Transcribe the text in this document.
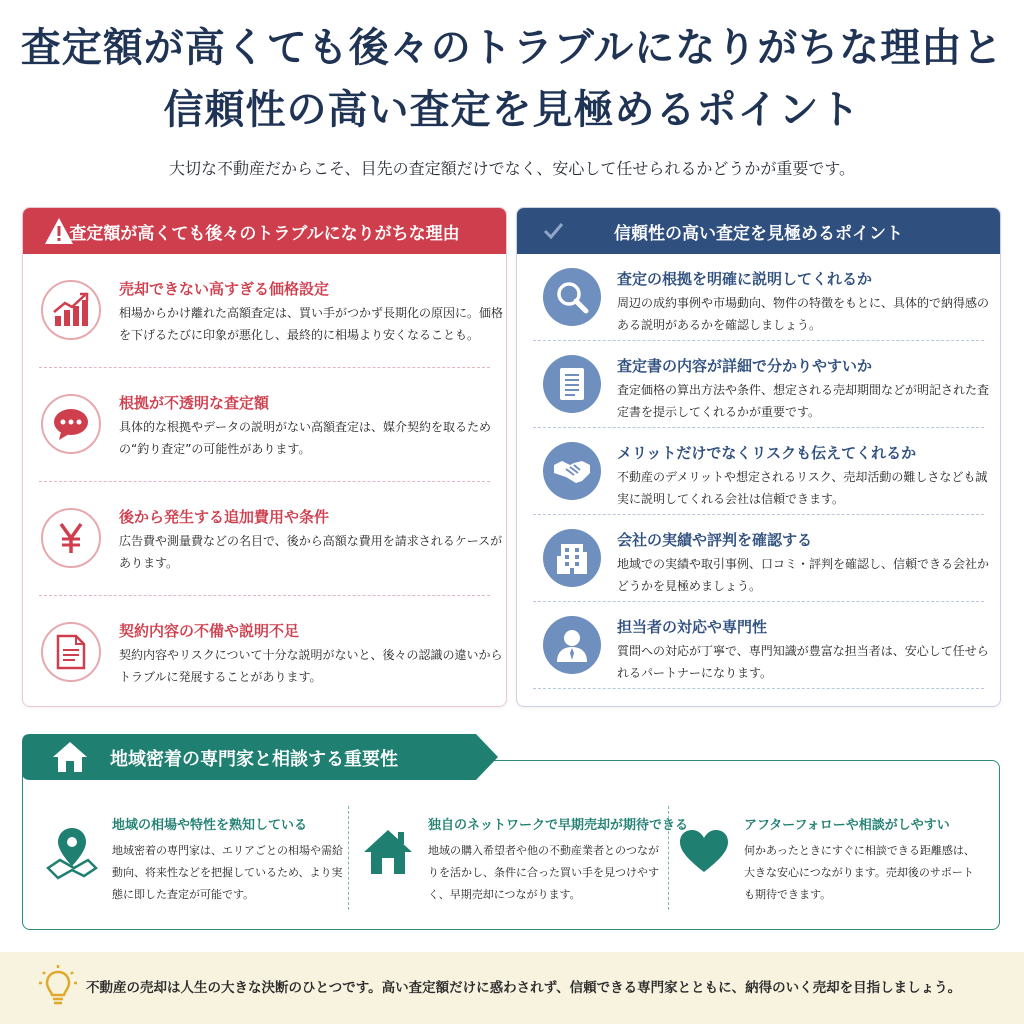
査定額が高くても後々のトラブルになりがちな理由と
信頼性の高い査定を見極めるポイント
大切な不動産だからこそ、目先の査定額だけでなく、安心して任せられるかどうかが重要です。
査定額が高くても後々のトラブルになりがちな理由
売却できない高すぎる価格設定
相場からかけ離れた高額査定は、買い手がつかず長期化の原因に。価格を下げるたびに印象が悪化し、最終的に相場より安くなることも。
根拠が不透明な査定額
具体的な根拠やデータの説明がない高額査定は、媒介契約を取るための“釣り査定”の可能性があります。
後から発生する追加費用や条件
広告費や測量費などの名目で、後から高額な費用を請求されるケースがあります。
契約内容の不備や説明不足
契約内容やリスクについて十分な説明がないと、後々の認識の違いからトラブルに発展することがあります。
信頼性の高い査定を見極めるポイント
査定の根拠を明確に説明してくれるか
周辺の成約事例や市場動向、物件の特徴をもとに、具体的で納得感のある説明があるかを確認しましょう。
査定書の内容が詳細で分かりやすいか
査定価格の算出方法や条件、想定される売却期間などが明記された査定書を提示してくれるかが重要です。
メリットだけでなくリスクも伝えてくれるか
不動産のデメリットや想定されるリスク、売却活動の難しさなども誠実に説明してくれる会社は信頼できます。
会社の実績や評判を確認する
地域での実績や取引事例、口コミ・評判を確認し、信頼できる会社かどうかを見極めましょう。
担当者の対応や専門性
質問への対応が丁寧で、専門知識が豊富な担当者は、安心して任せられるパートナーになります。
地域密着の専門家と相談する重要性
地域の相場や特性を熟知している
地域密着の専門家は、エリアごとの相場や需給動向、将来性などを把握しているため、より実態に即した査定が可能です。
独自のネットワークで早期売却が期待できる
地域の購入希望者や他の不動産業者とのつながりを活かし、条件に合った買い手を見つけやすく、早期売却につながります。
アフターフォローや相談がしやすい
何かあったときにすぐに相談できる距離感は、大きな安心につながります。売却後のサポートも期待できます。
不動産の売却は人生の大きな決断のひとつです。高い査定額だけに惑わされず、信頼できる専門家とともに、納得のいく売却を目指しましょう。
